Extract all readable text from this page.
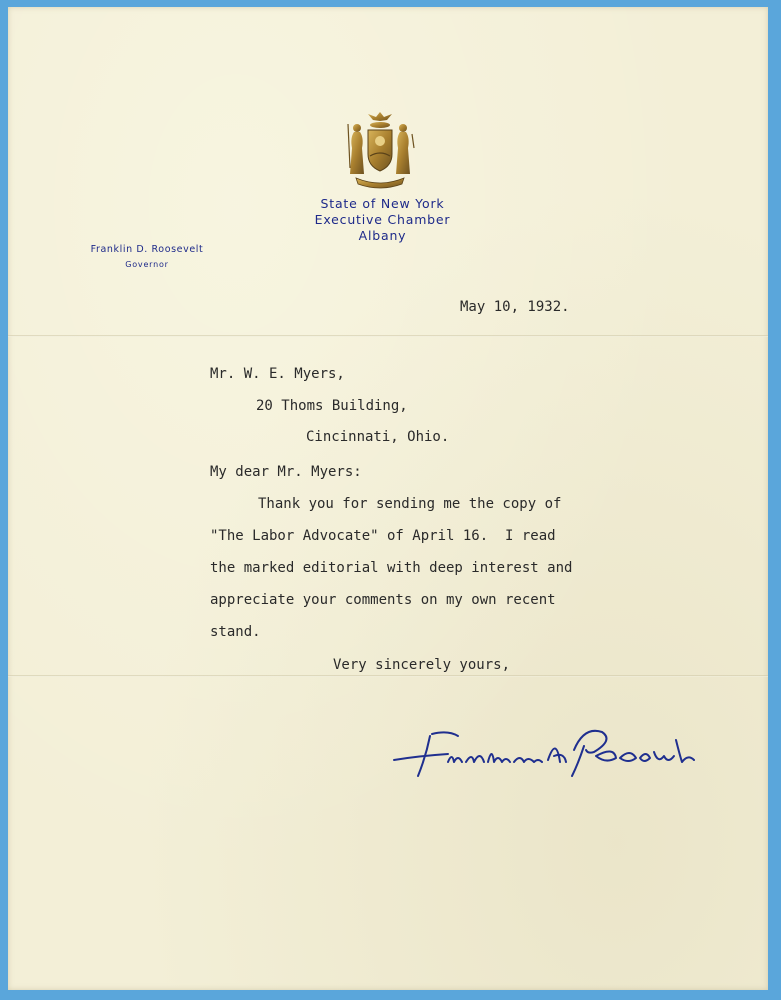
State of New York
Executive Chamber
Albany
Franklin D. Roosevelt
Governor
May 10, 1932.
Mr. W. E. Myers,
20 Thoms Building,
Cincinnati, Ohio.
My dear Mr. Myers:
Thank you for sending me the copy of
"The Labor Advocate" of April 16.  I read
the marked editorial with deep interest and
appreciate your comments on my own recent
stand.
Very sincerely yours,
